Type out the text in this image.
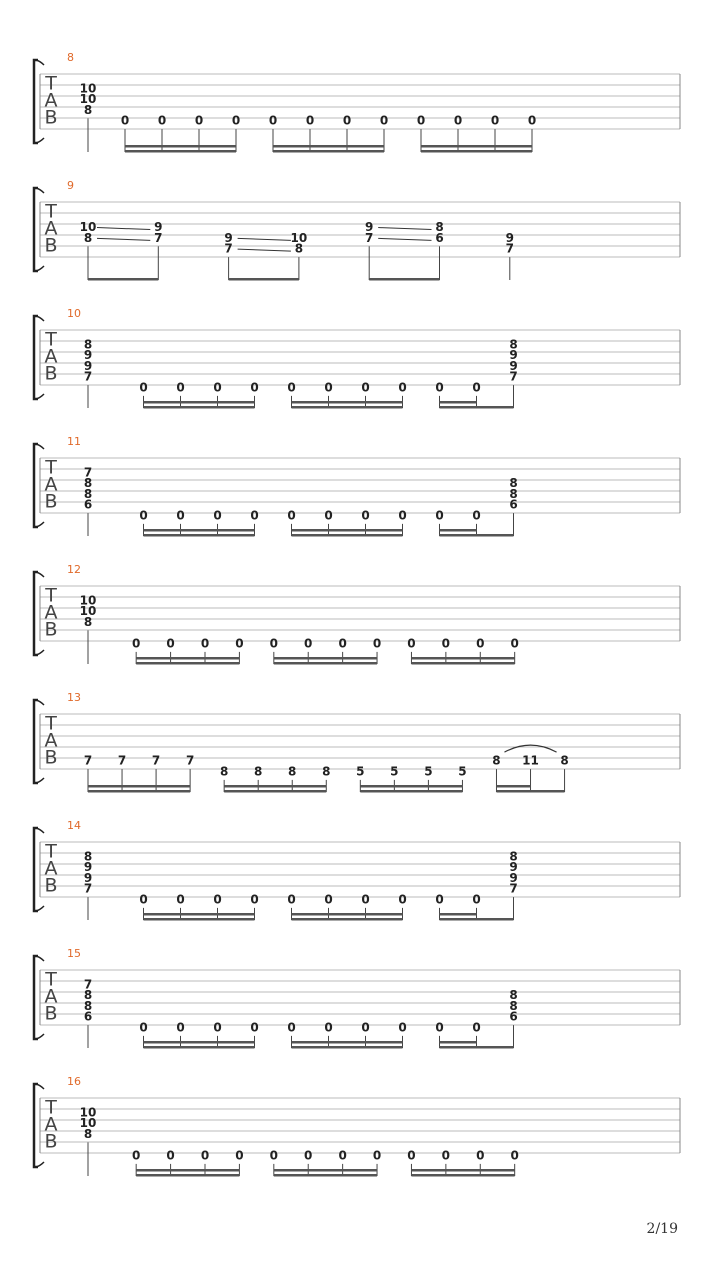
T
A
B
8
10
10
8
0 0 0 0 0 0 0 0 0 0 0 0
T
A
B
9
10
8
9
7	9
7
10
8
9
7
8
6	9
7
T
A
B
10
8
9
9
7
0 0 0 0 0 0 0 0 0 0
8
9
9
7
T
A
B
11
7
8
8
6
0 0 0 0 0 0 0 0 0 0
8
8
6
T
A
B
12
10
10
8
0 0 0 0 0 0 0 0 0 0 0 0
T
A
B
13
7 7 7 7
8 8 8 8 5 5 5 5
8 11 8
T
A
B
14
8
9
9
7
0 0 0 0 0 0 0 0 0 0
8
9
9
7
T
A
B
15
7
8
8
6
0 0 0 0 0 0 0 0 0 0
8
8
6
T
A
B
16
10
10
8
0 0 0 0 0 0 0 0 0 0 0 0
2/19
